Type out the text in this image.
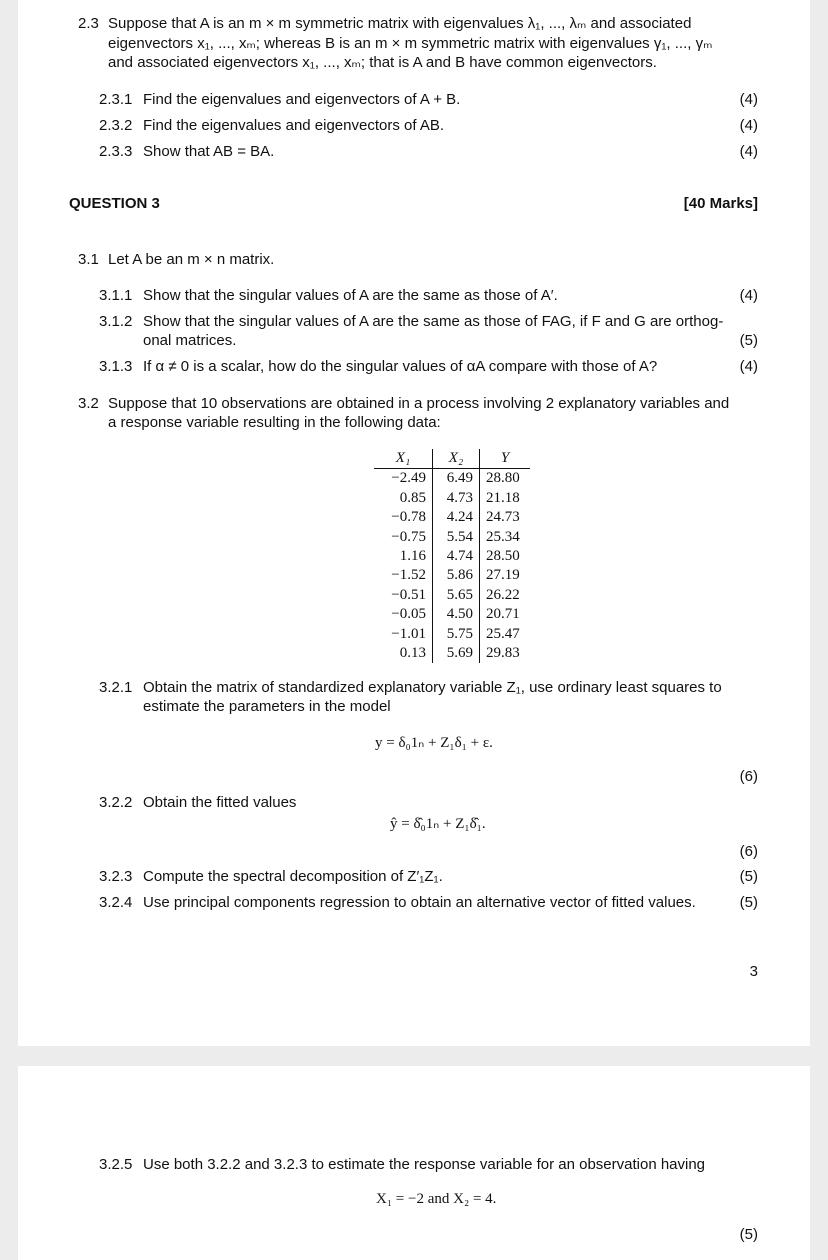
2.3 Suppose that A is an m × m symmetric matrix with eigenvalues λ₁, ..., λₘ and associated
eigenvectors x₁, ..., xₘ; whereas B is an m × m symmetric matrix with eigenvalues γ₁, ..., γₘ
and associated eigenvectors x₁, ..., xₘ; that is A and B have common eigenvectors.
2.3.1 Find the eigenvalues and eigenvectors of A + B.	(4)
2.3.2 Find the eigenvalues and eigenvectors of AB.	(4)
2.3.3 Show that AB = BA.	(4)
QUESTION 3	[40 Marks]
3.1 Let A be an m × n matrix.
3.1.1 Show that the singular values of A are the same as those of A′.	(4)
3.1.2 Show that the singular values of A are the same as those of FAG, if F and G are orthog-
onal matrices.	(5)
3.1.3 If α ≠ 0 is a scalar, how do the singular values of αA compare with those of A?	(4)
3.2 Suppose that 10 observations are obtained in a process involving 2 explanatory variables and
a response variable resulting in the following data:
X₁	X₂	Y
−2.49	6.49	28.80
0.85	4.73	21.18
−0.78	4.24	24.73
−0.75	5.54	25.34
1.16	4.74	28.50
−1.52	5.86	27.19
−0.51	5.65	26.22
−0.05	4.50	20.71
−1.01	5.75	25.47
0.13	5.69	29.83
3.2.1 Obtain the matrix of standardized explanatory variable Z₁, use ordinary least squares to
estimate the parameters in the model
y = δ₀1ₙ + Z₁δ₁ + ε.
(6)
3.2.2 Obtain the fitted values
ŷ = δ̂₀1ₙ + Z₁δ̂₁.
(6)
3.2.3 Compute the spectral decomposition of Z′₁Z₁.	(5)
3.2.4 Use principal components regression to obtain an alternative vector of fitted values.	(5)
3
3.2.5 Use both 3.2.2 and 3.2.3 to estimate the response variable for an observation having
X₁ = −2 and X₂ = 4.
(5)
